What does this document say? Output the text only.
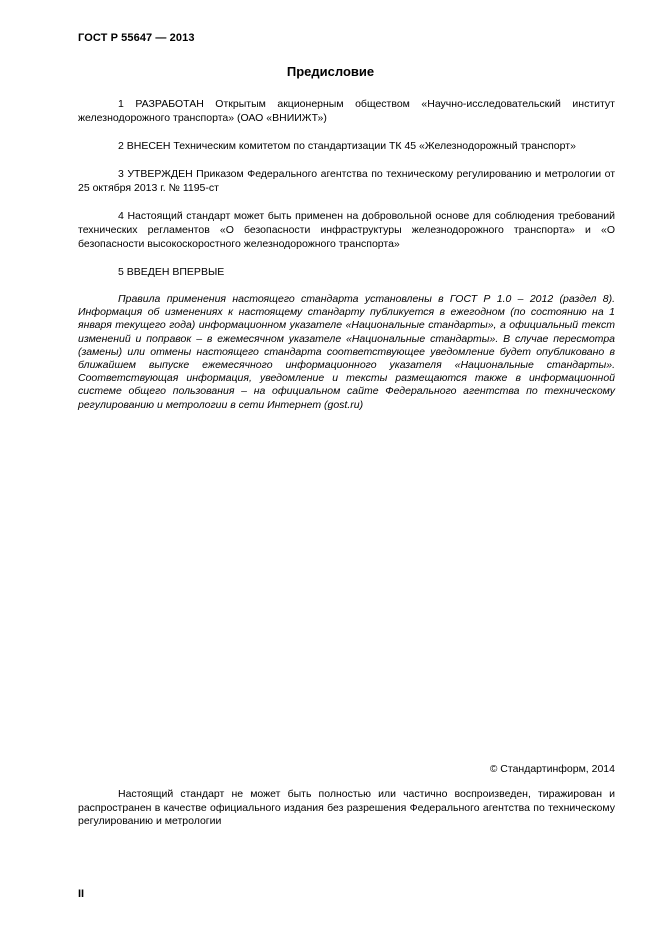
ГОСТ Р 55647 — 2013
Предисловие

1 РАЗРАБОТАН Открытым акционерным обществом «Научно-исследовательский институт железнодорожного транспорта» (ОАО «ВНИИЖТ»)

2 ВНЕСЕН Техническим комитетом по стандартизации ТК 45 «Железнодорожный транспорт»

3 УТВЕРЖДЕН Приказом Федерального агентства по техническому регулированию и метрологии от 25 октября 2013 г. № 1195-ст

4 Настоящий стандарт может быть применен на добровольной основе для соблюдения требований технических регламентов «О безопасности инфраструктуры железнодорожного транспорта» и «О безопасности высокоскоростного железнодорожного транспорта»

5 ВВЕДЕН ВПЕРВЫЕ

Правила применения настоящего стандарта установлены в ГОСТ Р 1.0 – 2012 (раздел 8). Информация об изменениях к настоящему стандарту публикуется в ежегодном (по состоянию на 1 января текущего года) информационном указателе «Национальные стандарты», а официальный текст изменений и поправок – в ежемесячном указателе «Национальные стандарты». В случае пересмотра (замены) или отмены настоящего стандарта соответствующее уведомление будет опубликовано в ближайшем выпуске ежемесячного информационного указателя «Национальные стандарты». Соответствующая информация, уведомление и тексты размещаются также в информационной системе общего пользования – на официальном сайте Федерального агентства по техническому регулированию и метрологии в сети Интернет (gost.ru)

© Стандартинформ, 2014

Настоящий стандарт не может быть полностью или частично воспроизведен, тиражирован и распространен в качестве официального издания без разрешения Федерального агентства по техническому регулированию и метрологии

II
